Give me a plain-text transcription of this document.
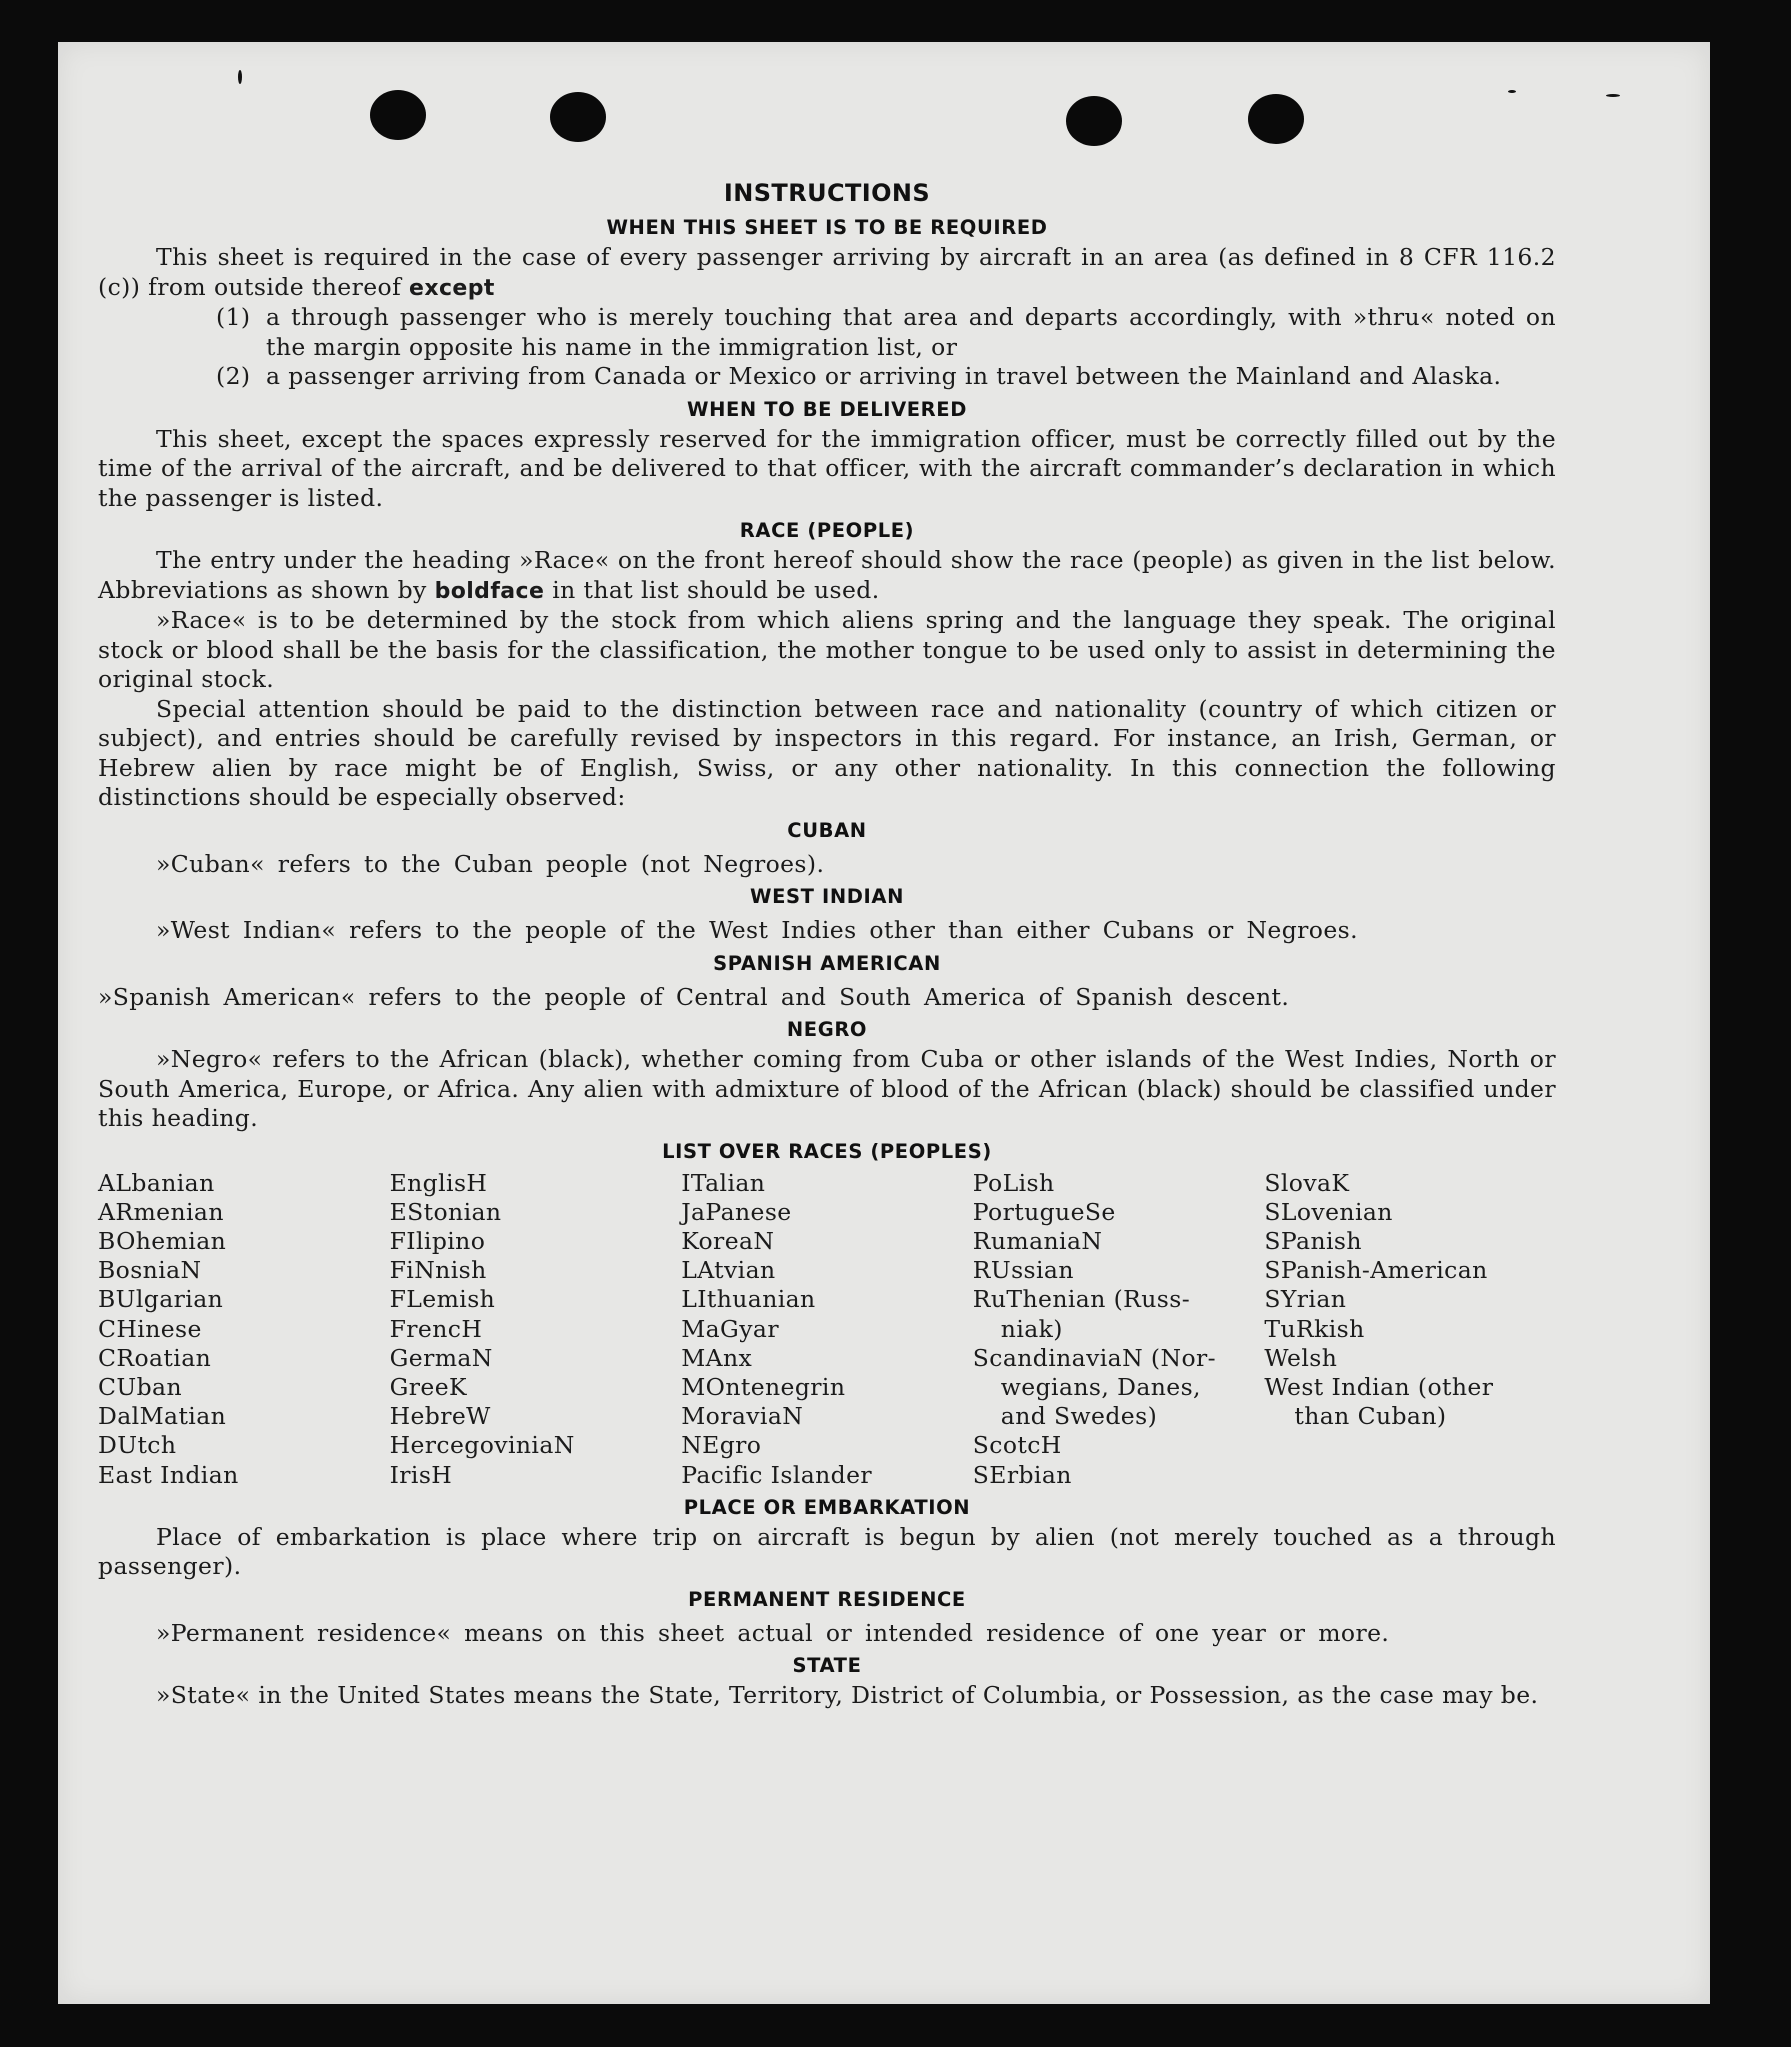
INSTRUCTIONS
WHEN THIS SHEET IS TO BE REQUIRED

This sheet is required in the case of every passenger arriving by aircraft in an area (as defined in 8 CFR 116.2 (c)) from outside thereof except

(1) a through passenger who is merely touching that area and departs accordingly, with »thru« noted on the margin opposite his name in the immigration list, or
(2) a passenger arriving from Canada or Mexico or arriving in travel between the Mainland and Alaska.
WHEN TO BE DELIVERED

This sheet, except the spaces expressly reserved for the immigration officer, must be correctly filled out by the time of the arrival of the aircraft, and be delivered to that officer, with the aircraft commander’s declaration in which the passenger is listed.

RACE (PEOPLE)

The entry under the heading »Race« on the front hereof should show the race (people) as given in the list below. Abbreviations as shown by boldface in that list should be used.

»Race« is to be determined by the stock from which aliens spring and the language they speak. The original stock or blood shall be the basis for the classification, the mother tongue to be used only to assist in determining the original stock.

Special attention should be paid to the distinction between race and nationality (country of which citizen or subject), and entries should be carefully revised by inspectors in this regard. For instance, an Irish, German, or Hebrew alien by race might be of English, Swiss, or any other nationality. In this connection the following distinctions should be especially observed:

CUBAN
»Cuban« refers to the Cuban people (not Negroes).
WEST INDIAN
»West Indian« refers to the people of the West Indies other than either Cubans or Negroes.
SPANISH AMERICAN
»Spanish American« refers to the people of Central and South America of Spanish descent.
NEGRO

»Negro« refers to the African (black), whether coming from Cuba or other islands of the West Indies, North or South America, Europe, or Africa. Any alien with admixture of blood of the African (black) should be classified under this heading.

LIST OVER RACES (PEOPLES)
ALbanian
ARmenian
BOhemian
BosniaN
BUlgarian
CHinese
CRoatian
CUban
DalMatian
DUtch
East Indian
EnglisH
EStonian
FIlipino
FiNnish
FLemish
FrencH
GermaN
GreeK
HebreW
HercegoviniaN
IrisH
ITalian
JaPanese
KoreaN
LAtvian
LIthuanian
MaGyar
MAnx
MOntenegrin
MoraviaN
NEgro
Pacific Islander
PoLish
PortugueSe
RumaniaN
RUssian
RuThenian (Russ-
niak)
ScandinaviaN (Nor-
wegians, Danes,
and Swedes)
ScotcH
SErbian
SlovaK
SLovenian
SPanish
SPanish-American
SYrian
TuRkish
Welsh
West Indian (other
than Cuban)
PLACE OR EMBARKATION

Place of embarkation is place where trip on aircraft is begun by alien (not merely touched as a through passenger).

PERMANENT RESIDENCE
»Permanent residence« means on this sheet actual or intended residence of one year or more.
STATE

»State« in the United States means the State, Territory, District of Columbia, or Possession, as the case may be.
